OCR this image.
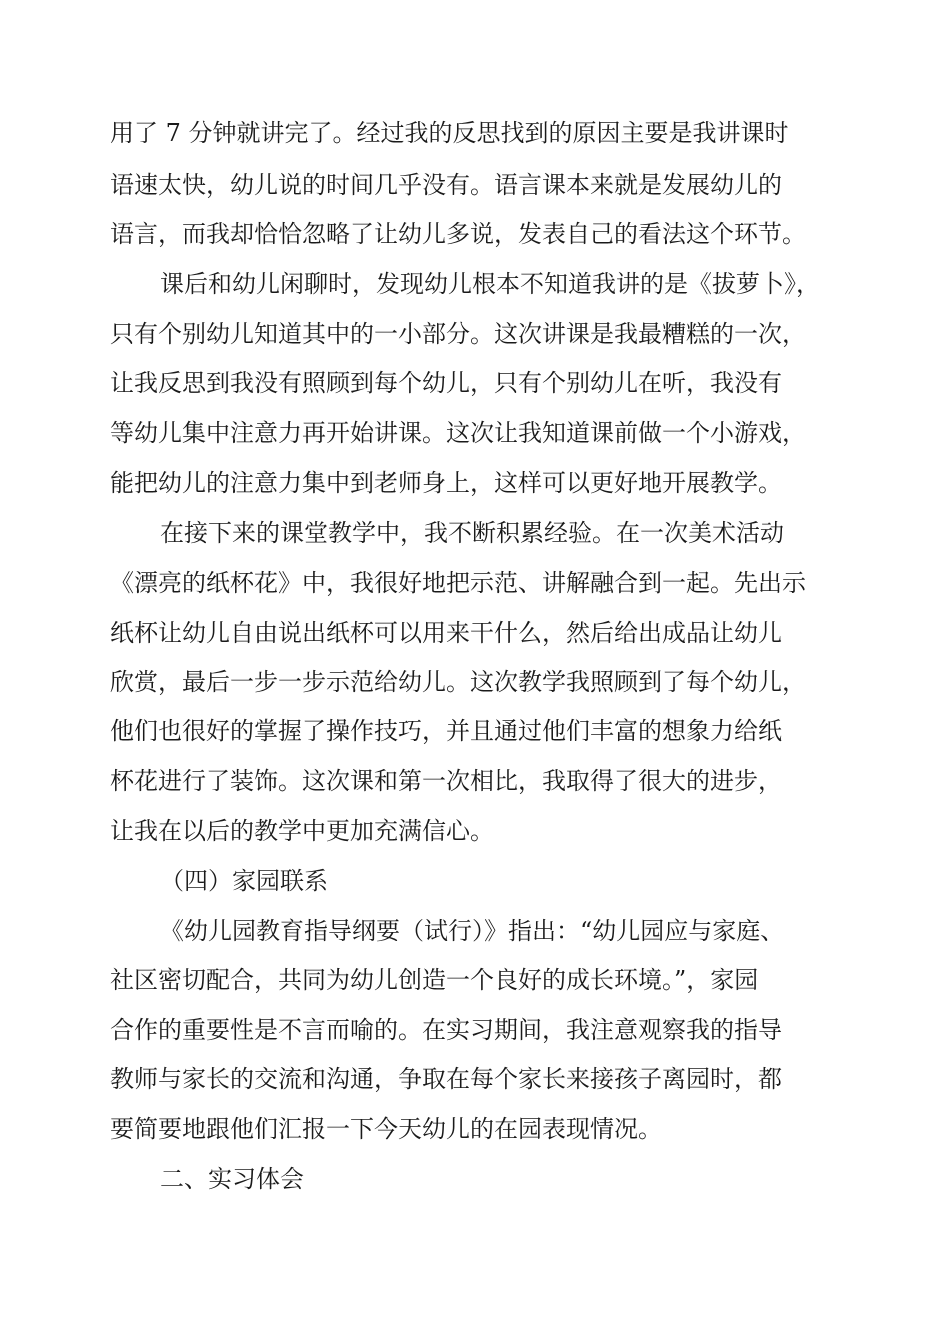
用了 7 分钟就讲完了。经过我的反思找到的原因主要是我讲课时

语速太快，幼儿说的时间几乎没有。语言课本来就是发展幼儿的

语言，而我却恰恰忽略了让幼儿多说，发表自己的看法这个环节。

课后和幼儿闲聊时，发现幼儿根本不知道我讲的是《拔萝卜》，

只有个别幼儿知道其中的一小部分。这次讲课是我最糟糕的一次，

让我反思到我没有照顾到每个幼儿，只有个别幼儿在听，我没有

等幼儿集中注意力再开始讲课。这次让我知道课前做一个小游戏，

能把幼儿的注意力集中到老师身上，这样可以更好地开展教学。

在接下来的课堂教学中，我不断积累经验。在一次美术活动

《漂亮的纸杯花》中，我很好地把示范、讲解融合到一起。先出示

纸杯让幼儿自由说出纸杯可以用来干什么，然后给出成品让幼儿

欣赏，最后一步一步示范给幼儿。这次教学我照顾到了每个幼儿，

他们也很好的掌握了操作技巧，并且通过他们丰富的想象力给纸

杯花进行了装饰。这次课和第一次相比，我取得了很大的进步，

让我在以后的教学中更加充满信心。

（四）家园联系

《幼儿园教育指导纲要（试行）》指出：“幼儿园应与家庭、

社区密切配合，共同为幼儿创造一个良好的成长环境。”，家园

合作的重要性是不言而喻的。在实习期间，我注意观察我的指导

教师与家长的交流和沟通，争取在每个家长来接孩子离园时，都

要简要地跟他们汇报一下今天幼儿的在园表现情况。

二、实习体会
